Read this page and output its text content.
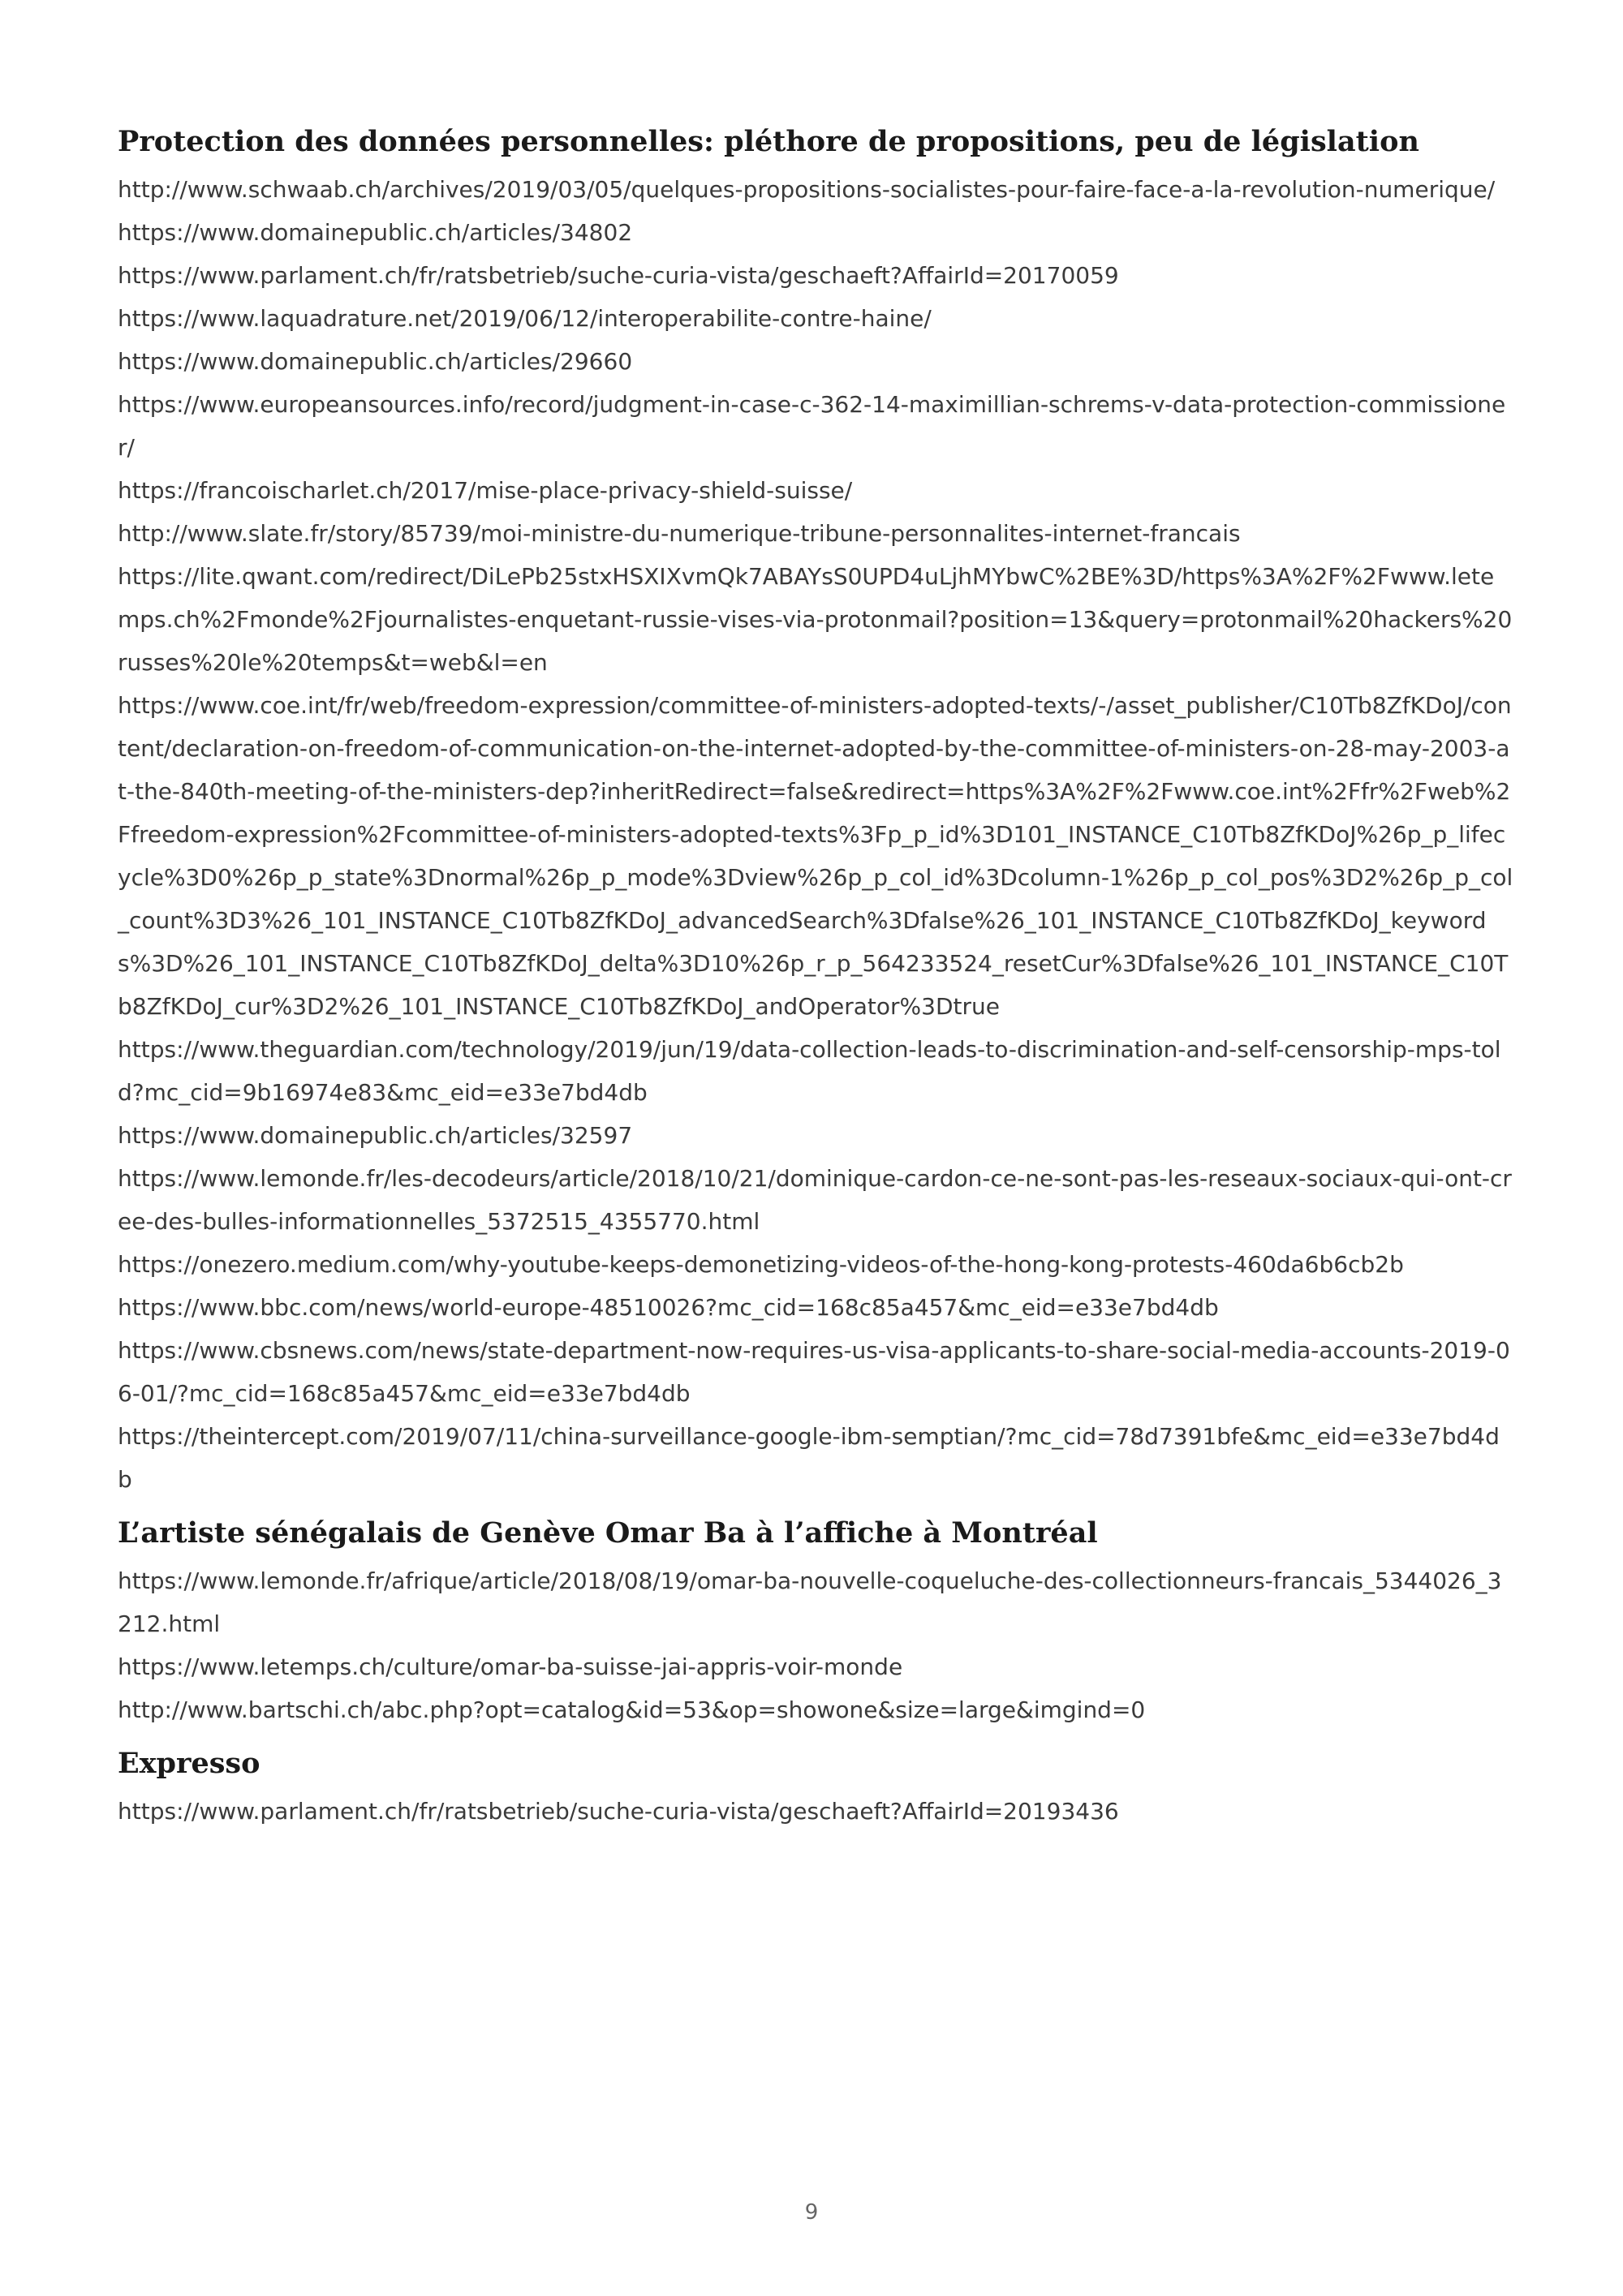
Protection des données personnelles: pléthore de propositions, peu de législation
http://www.schwaab.ch/archives/2019/03/05/quelques-propositions-socialistes-pour-faire-face-a-la-revolution-numerique/
https://www.domainepublic.ch/articles/34802
https://www.parlament.ch/fr/ratsbetrieb/suche-curia-vista/geschaeft?AffairId=20170059
https://www.laquadrature.net/2019/06/12/interoperabilite-contre-haine/
https://www.domainepublic.ch/articles/29660
https://www.europeansources.info/record/judgment-in-case-c-362-14-maximillian-schrems-v-data-protection-commissioner/
https://francoischarlet.ch/2017/mise-place-privacy-shield-suisse/
http://www.slate.fr/story/85739/moi-ministre-du-numerique-tribune-personnalites-internet-francais
https://lite.qwant.com/redirect/DiLePb25stxHSXIXvmQk7ABAYsS0UPD4uLjhMYbwC%2BE%3D/https%3A%2F%2Fwww.letemps.ch%2Fmonde%2Fjournalistes-enquetant-russie-vises-via-protonmail?position=13&query=protonmail%20hackers%20russes%20le%20temps&t=web&l=en
https://www.coe.int/fr/web/freedom-expression/committee-of-ministers-adopted-texts/-/asset_publisher/C10Tb8ZfKDoJ/content/declaration-on-freedom-of-communication-on-the-internet-adopted-by-the-committee-of-ministers-on-28-may-2003-at-the-840th-meeting-of-the-ministers-dep?inheritRedirect=false&redirect=https%3A%2F%2Fwww.coe.int%2Ffr%2Fweb%2Ffreedom-expression%2Fcommittee-of-ministers-adopted-texts%3Fp_p_id%3D101_INSTANCE_C10Tb8ZfKDoJ%26p_p_lifecycle%3D0%26p_p_state%3Dnormal%26p_p_mode%3Dview%26p_p_col_id%3Dcolumn-1%26p_p_col_pos%3D2%26p_p_col_count%3D3%26_101_INSTANCE_C10Tb8ZfKDoJ_advancedSearch%3Dfalse%26_101_INSTANCE_C10Tb8ZfKDoJ_keywords%3D%26_101_INSTANCE_C10Tb8ZfKDoJ_delta%3D10%26p_r_p_564233524_resetCur%3Dfalse%26_101_INSTANCE_C10Tb8ZfKDoJ_cur%3D2%26_101_INSTANCE_C10Tb8ZfKDoJ_andOperator%3Dtrue
https://www.theguardian.com/technology/2019/jun/19/data-collection-leads-to-discrimination-and-self-censorship-mps-told?mc_cid=9b16974e83&mc_eid=e33e7bd4db
https://www.domainepublic.ch/articles/32597
https://www.lemonde.fr/les-decodeurs/article/2018/10/21/dominique-cardon-ce-ne-sont-pas-les-reseaux-sociaux-qui-ont-cree-des-bulles-informationnelles_5372515_4355770.html
https://onezero.medium.com/why-youtube-keeps-demonetizing-videos-of-the-hong-kong-protests-460da6b6cb2b
https://www.bbc.com/news/world-europe-48510026?mc_cid=168c85a457&mc_eid=e33e7bd4db
https://www.cbsnews.com/news/state-department-now-requires-us-visa-applicants-to-share-social-media-accounts-2019-06-01/?mc_cid=168c85a457&mc_eid=e33e7bd4db
https://theintercept.com/2019/07/11/china-surveillance-google-ibm-semptian/?mc_cid=78d7391bfe&mc_eid=e33e7bd4db
L’artiste sénégalais de Genève Omar Ba à l’affiche à Montréal
https://www.lemonde.fr/afrique/article/2018/08/19/omar-ba-nouvelle-coqueluche-des-collectionneurs-francais_5344026_3212.html
https://www.letemps.ch/culture/omar-ba-suisse-jai-appris-voir-monde
http://www.bartschi.ch/abc.php?opt=catalog&id=53&op=showone&size=large&imgind=0
Expresso
https://www.parlament.ch/fr/ratsbetrieb/suche-curia-vista/geschaeft?AffairId=20193436
9
